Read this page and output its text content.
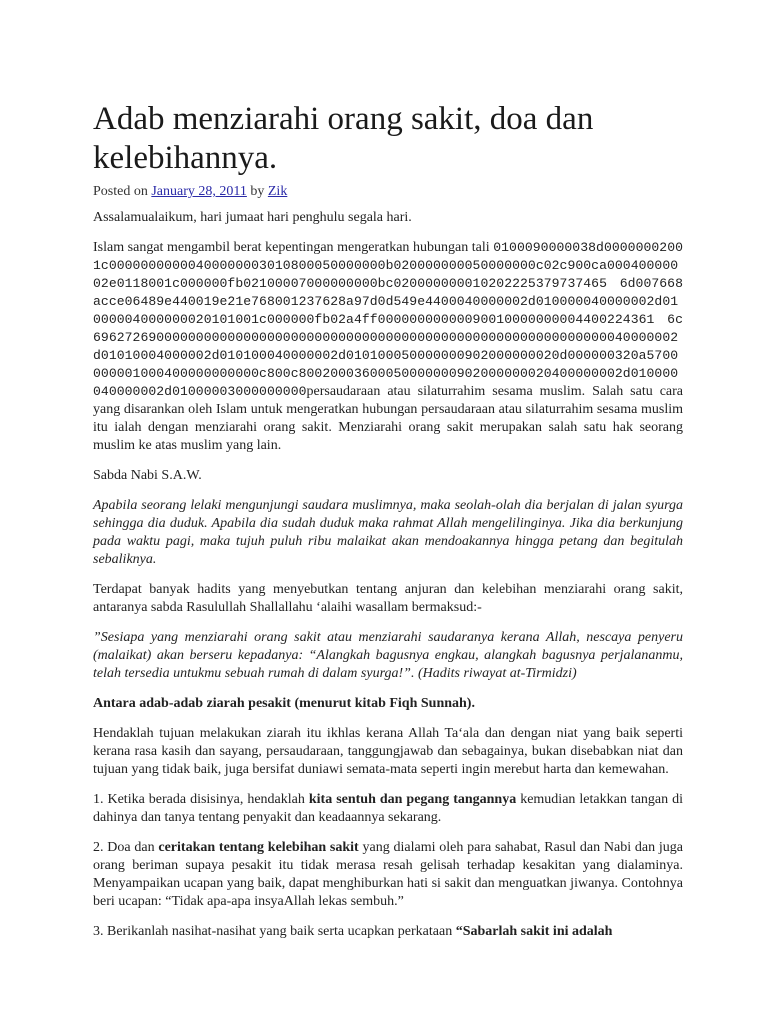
Adab menziarahi orang sakit, doa dan kelebihannya.
Posted on January 28, 2011 by Zik

Assalamualaikum, hari jumaat hari penghulu segala hari.

Islam sangat mengambil berat kepentingan mengeratkan hubungan tali 0100090000038d00000002001c00000000000400000003010800050000000b020000000050000000c02c900ca00040000002e0118001c000000fb02100007000000000bc020000000010202225379737465 6d007668acce06489e440019e21e768001237628a97d0d549e4400040000002d010000040000002d01000004000000020101001c000000fb02a4ff00000000000090010000000004400224361 6c69627269000000000000000000000000000000000000000000000000000000000040000002d01010004000002d010100040000002d010100050000000902000000020d000000320a5700000001000400000000000c800c80020003600050000000902000000020400000002d010000040000002d01000003000000000persaudaraan atau silaturrahim sesama muslim. Salah satu cara yang disarankan oleh Islam untuk mengeratkan hubungan persaudaraan atau silaturrahim sesama muslim itu ialah dengan menziarahi orang sakit. Menziarahi orang sakit merupakan salah satu hak seorang muslim ke atas muslim yang lain.

Sabda Nabi S.A.W.

Apabila seorang lelaki mengunjungi saudara muslimnya, maka seolah-olah dia berjalan di jalan syurga sehingga dia duduk. Apabila dia sudah duduk maka rahmat Allah mengelilinginya. Jika dia berkunjung pada waktu pagi, maka tujuh puluh ribu malaikat akan mendoakannya hingga petang dan begitulah sebaliknya.

Terdapat banyak hadits yang menyebutkan tentang anjuran dan kelebihan menziarahi orang sakit, antaranya sabda Rasulullah Shallallahu ‘alaihi wasallam bermaksud:-

”Sesiapa yang menziarahi orang sakit atau menziarahi saudaranya kerana Allah, nescaya penyeru (malaikat) akan berseru kepadanya: “Alangkah bagusnya engkau, alangkah bagusnya perjalananmu, telah tersedia untukmu sebuah rumah di dalam syurga!”. (Hadits riwayat at-Tirmidzi)

Antara adab-adab ziarah pesakit (menurut kitab Fiqh Sunnah).

Hendaklah tujuan melakukan ziarah itu ikhlas kerana Allah Ta‘ala dan dengan niat yang baik seperti kerana rasa kasih dan sayang, persaudaraan, tanggungjawab dan sebagainya, bukan disebabkan niat dan tujuan yang tidak baik, juga bersifat duniawi semata-mata seperti ingin merebut harta dan kemewahan.

1. Ketika berada disisinya, hendaklah kita sentuh dan pegang tangannya kemudian letakkan tangan di dahinya dan tanya tentang penyakit dan keadaannya sekarang.

2. Doa dan ceritakan tentang kelebihan sakit yang dialami oleh para sahabat, Rasul dan Nabi dan juga orang beriman supaya pesakit itu tidak merasa resah gelisah terhadap kesakitan yang dialaminya. Menyampaikan ucapan yang baik, dapat menghiburkan hati si sakit dan menguatkan jiwanya. Contohnya beri ucapan: “Tidak apa-apa insyaAllah lekas sembuh.”

3. Berikanlah nasihat-nasihat yang baik serta ucapkan perkataan “Sabarlah sakit ini adalah
